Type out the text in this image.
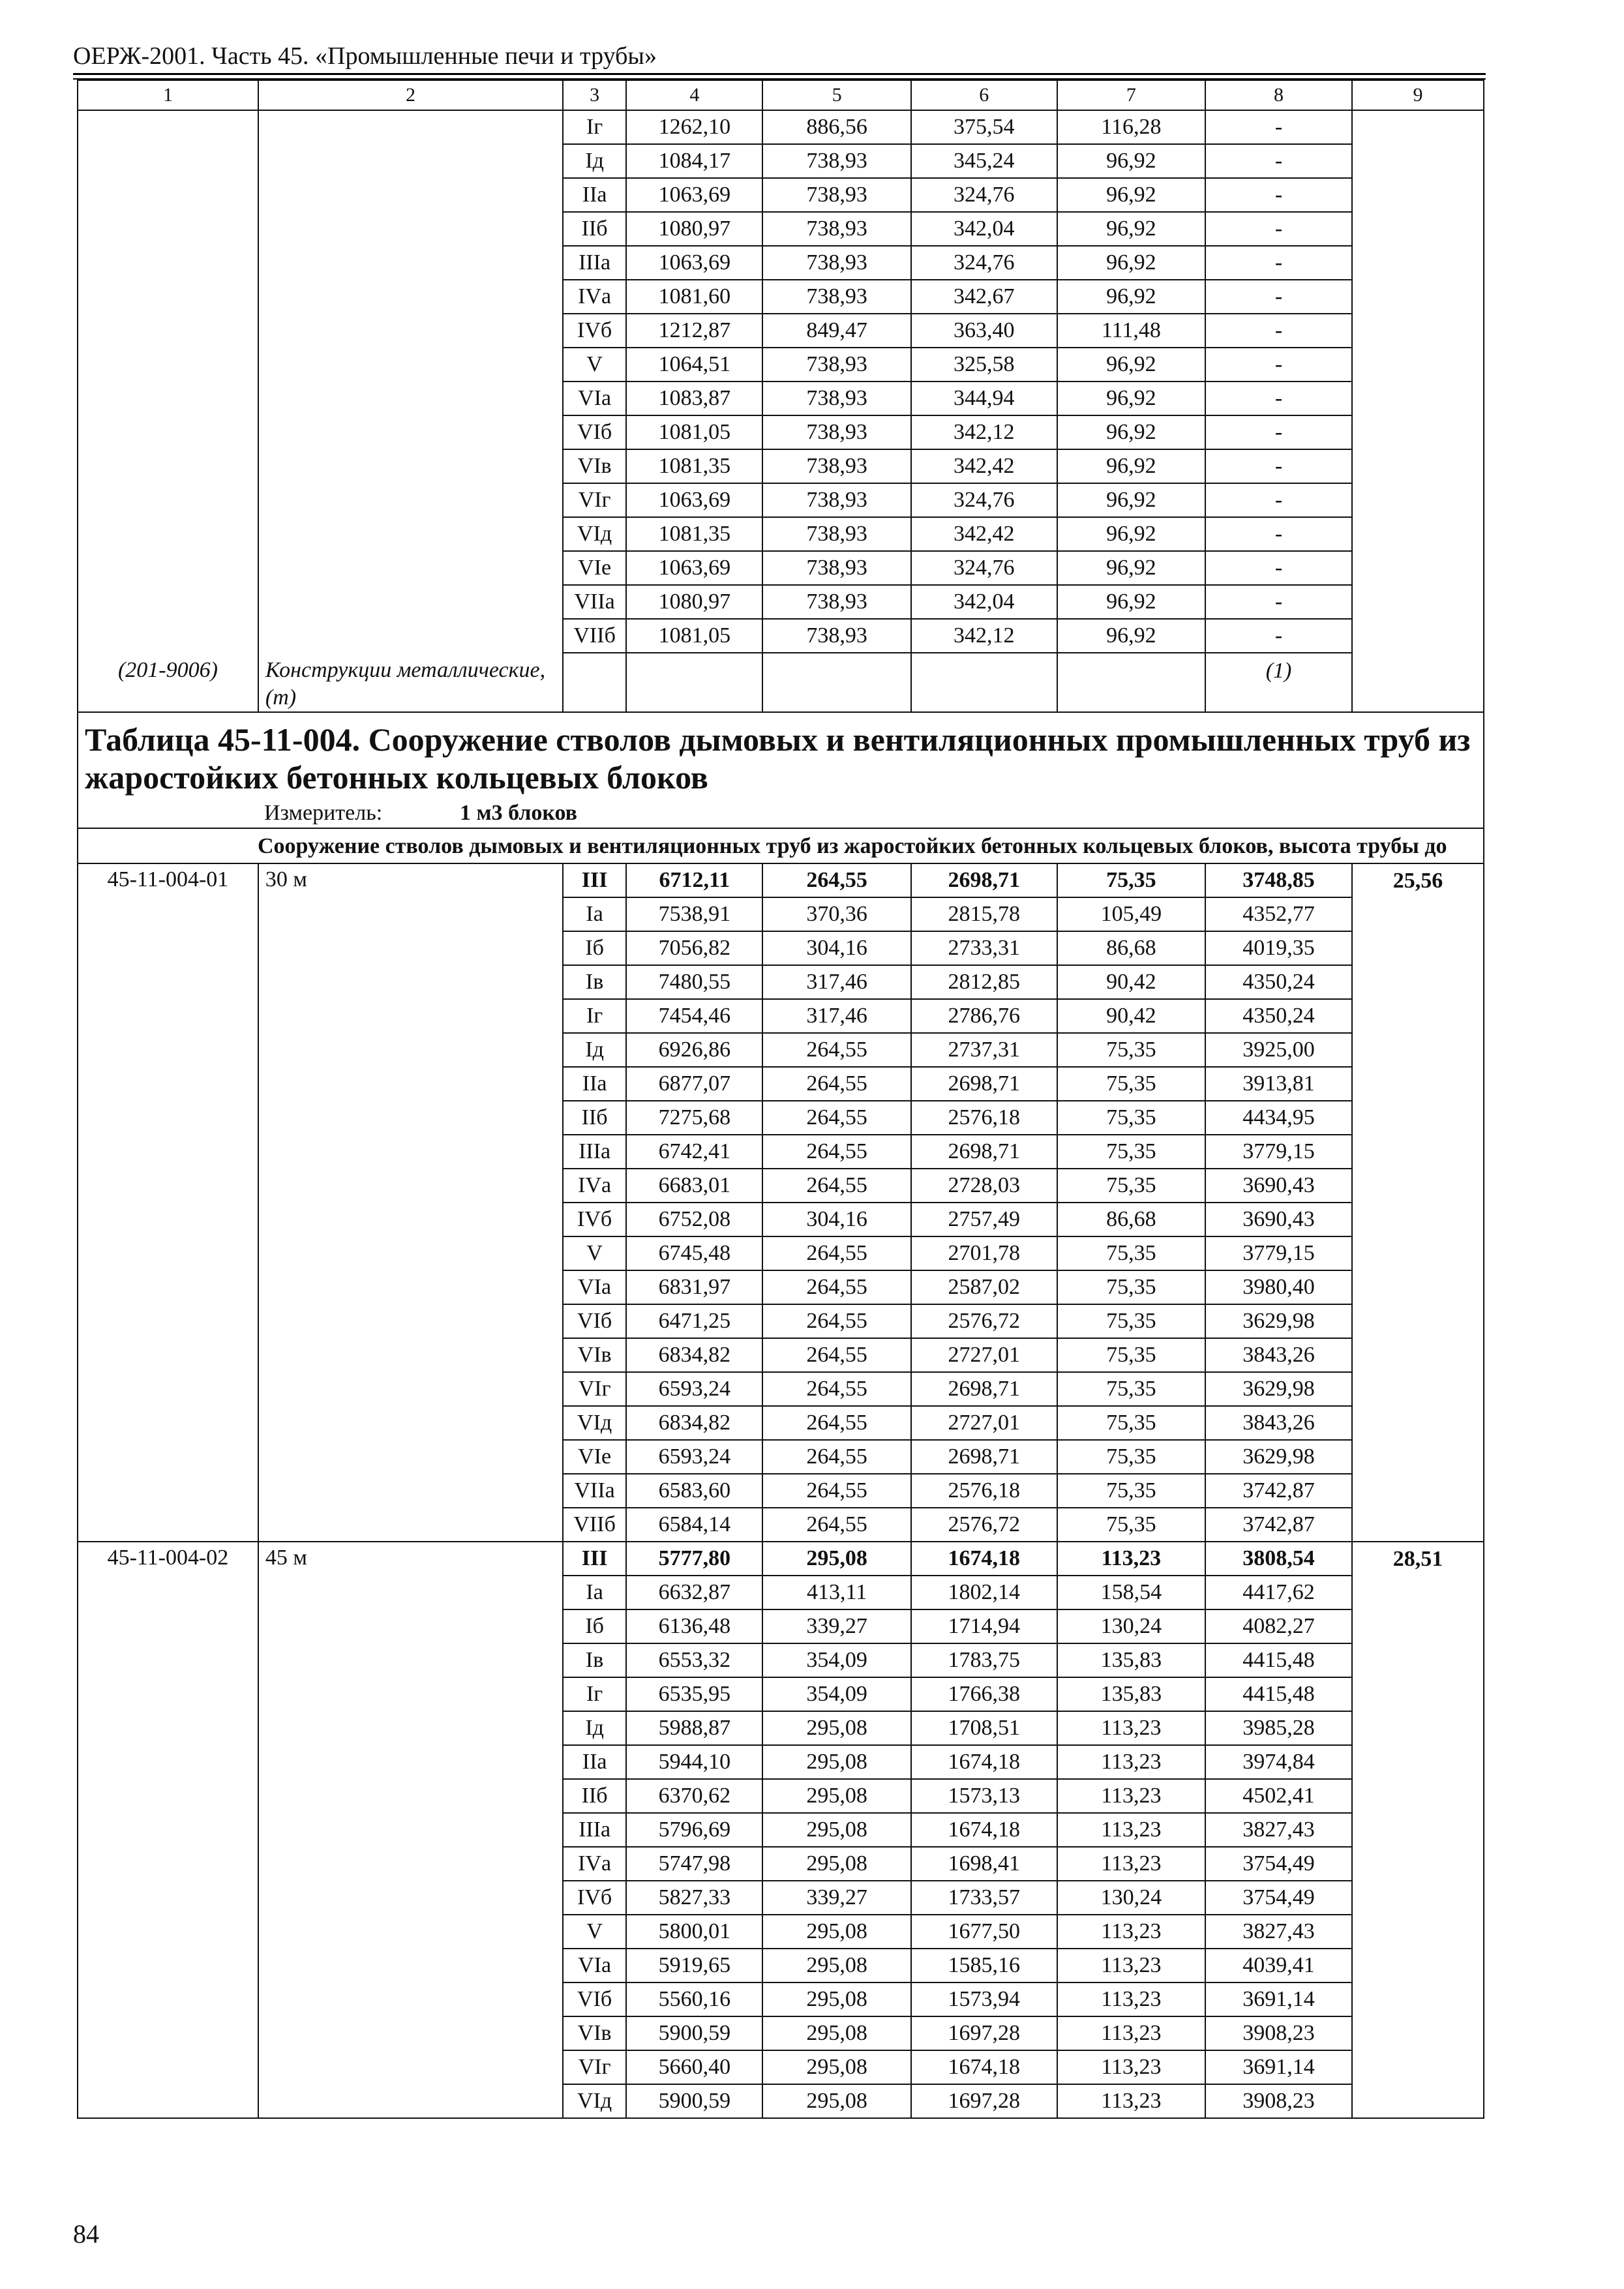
ОЕРЖ-2001. Часть 45. «Промышленные печи и трубы»
1	2	3	4	5	6	7	8	9
		Iг	1262,10	886,56	375,54	116,28	-	
		Iд	1084,17	738,93	345,24	96,92	-	
		IIа	1063,69	738,93	324,76	96,92	-	
		IIб	1080,97	738,93	342,04	96,92	-	
		IIIа	1063,69	738,93	324,76	96,92	-	
		IVа	1081,60	738,93	342,67	96,92	-	
		IVб	1212,87	849,47	363,40	111,48	-	
		V	1064,51	738,93	325,58	96,92	-	
		VIа	1083,87	738,93	344,94	96,92	-	
		VIб	1081,05	738,93	342,12	96,92	-	
		VIв	1081,35	738,93	342,42	96,92	-	
		VIг	1063,69	738,93	324,76	96,92	-	
		VIд	1081,35	738,93	342,42	96,92	-	
		VIе	1063,69	738,93	324,76	96,92	-	
		VIIа	1080,97	738,93	342,04	96,92	-	
		VIIб	1081,05	738,93	342,12	96,92	-	
(201-9006)	Конструкции металлические, (т)						(1)	
Таблица 45-11-004. Сооружение стволов дымовых и вентиляционных промышленных труб из жаростойких бетонных кольцевых блоков								
Измеритель: 1 м3 блоков								

Сооружение стволов дымовых и вентиляционных труб из жаростойких бетонных кольцевых блоков, высота трубы до								

45-11-004-01	30 м	III	6712,11	264,55	2698,71	75,35	3748,85	25,56
		Iа	7538,91	370,36	2815,78	105,49	4352,77	
		Iб	7056,82	304,16	2733,31	86,68	4019,35	
		Iв	7480,55	317,46	2812,85	90,42	4350,24	
		Iг	7454,46	317,46	2786,76	90,42	4350,24	
		Iд	6926,86	264,55	2737,31	75,35	3925,00	
		IIа	6877,07	264,55	2698,71	75,35	3913,81	
		IIб	7275,68	264,55	2576,18	75,35	4434,95	
		IIIа	6742,41	264,55	2698,71	75,35	3779,15	
		IVа	6683,01	264,55	2728,03	75,35	3690,43	
		IVб	6752,08	304,16	2757,49	86,68	3690,43	
		V	6745,48	264,55	2701,78	75,35	3779,15	
		VIа	6831,97	264,55	2587,02	75,35	3980,40	
		VIб	6471,25	264,55	2576,72	75,35	3629,98	
		VIв	6834,82	264,55	2727,01	75,35	3843,26	
		VIг	6593,24	264,55	2698,71	75,35	3629,98	
		VIд	6834,82	264,55	2727,01	75,35	3843,26	
		VIе	6593,24	264,55	2698,71	75,35	3629,98	
		VIIа	6583,60	264,55	2576,18	75,35	3742,87	
		VIIб	6584,14	264,55	2576,72	75,35	3742,87	
45-11-004-02	45 м	III	5777,80	295,08	1674,18	113,23	3808,54	28,51
		Iа	6632,87	413,11	1802,14	158,54	4417,62	
		Iб	6136,48	339,27	1714,94	130,24	4082,27	
		Iв	6553,32	354,09	1783,75	135,83	4415,48	
		Iг	6535,95	354,09	1766,38	135,83	4415,48	
		Iд	5988,87	295,08	1708,51	113,23	3985,28	
		IIа	5944,10	295,08	1674,18	113,23	3974,84	
		IIб	6370,62	295,08	1573,13	113,23	4502,41	
		IIIа	5796,69	295,08	1674,18	113,23	3827,43	
		IVа	5747,98	295,08	1698,41	113,23	3754,49	
		IVб	5827,33	339,27	1733,57	130,24	3754,49	
		V	5800,01	295,08	1677,50	113,23	3827,43	
		VIа	5919,65	295,08	1585,16	113,23	4039,41	
		VIб	5560,16	295,08	1573,94	113,23	3691,14	
		VIв	5900,59	295,08	1697,28	113,23	3908,23	
		VIг	5660,40	295,08	1674,18	113,23	3691,14	
		VIд	5900,59	295,08	1697,28	113,23	3908,23	
84
